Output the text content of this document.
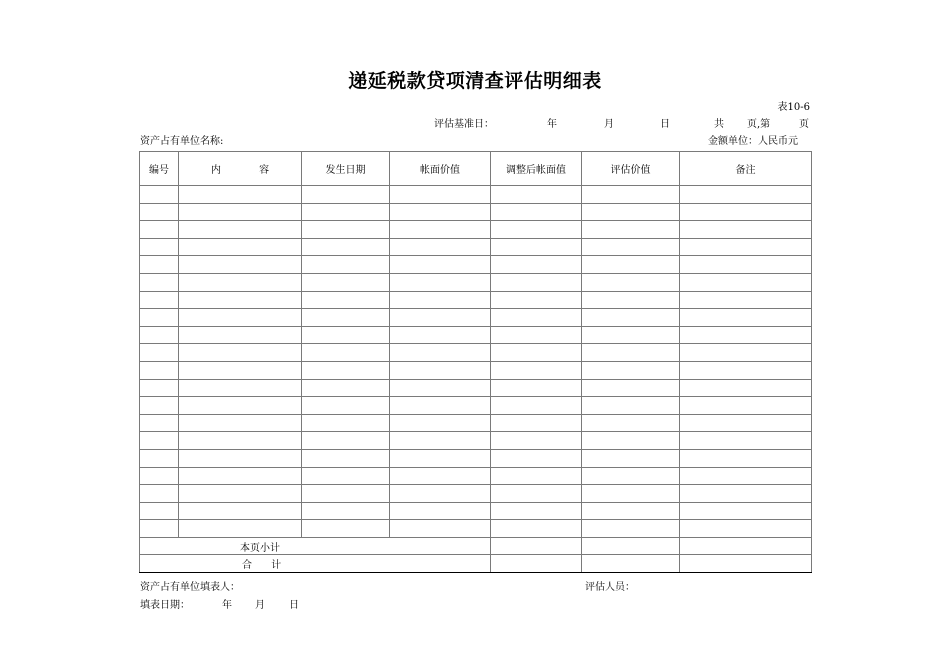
递延税款贷项清查评估明细表
表10-6
评估基准日：	年	月	日	共 页,第	页
资产占有单位名称:	金额单位：人民币元
编号	内            容	发生日期	帐面价值	调整后帐面值	评估价值	备注

本页小计						
合      计						
资产占有单位填表人：	评估人员：
填表日期：	年 月 日
